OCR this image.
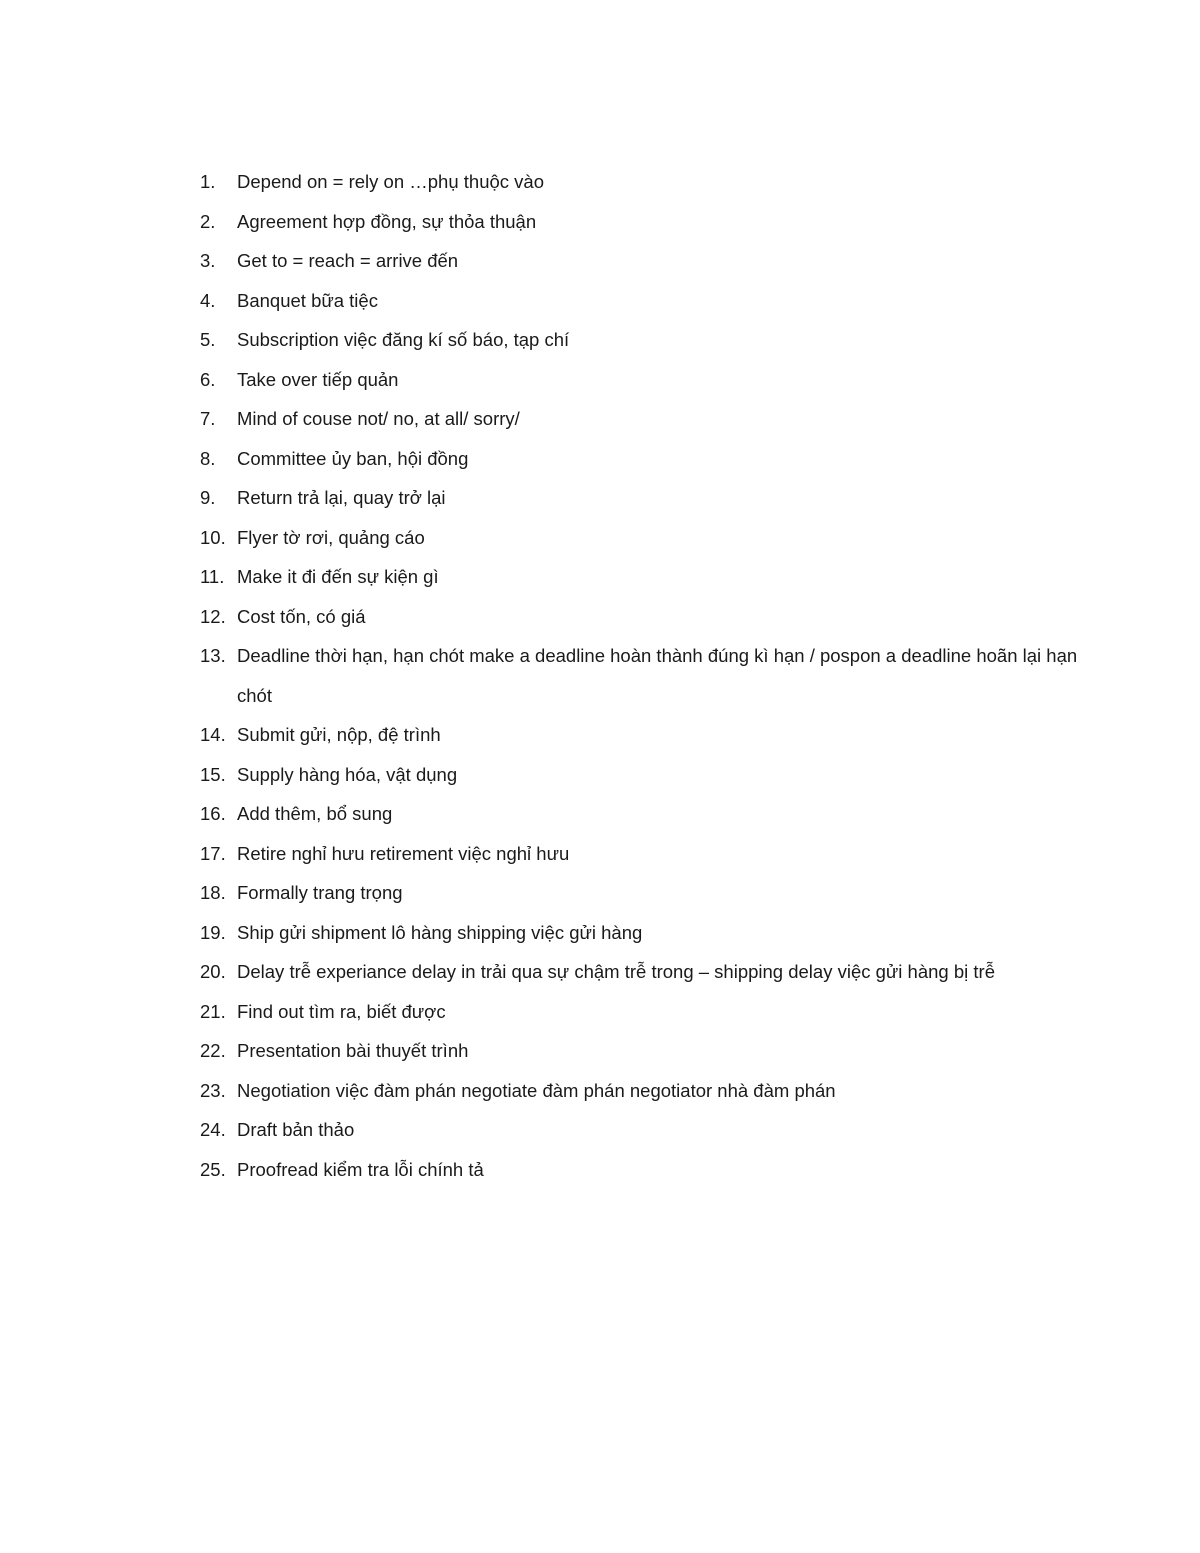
1.	Depend on = rely on …phụ thuộc vào
2.	Agreement hợp đồng, sự thỏa thuận
3.	Get to = reach = arrive đến
4.	Banquet bữa tiệc
5.	Subscription việc đăng kí số báo, tạp chí
6.	Take over tiếp quản
7.	Mind of couse not/ no, at all/ sorry/
8.	Committee ủy ban, hội đồng
9.	Return trả lại, quay trở lại
10. Flyer tờ rơi, quảng cáo
11. Make it đi đến sự kiện gì
12. Cost tốn, có giá
13. Deadline thời hạn, hạn chót make a deadline hoàn thành đúng kì hạn / pospon a deadline hoãn lại hạn chót
14. Submit gửi, nộp, đệ trình
15. Supply hàng hóa, vật dụng
16. Add thêm, bổ sung
17. Retire nghỉ hưu retirement việc nghỉ hưu
18. Formally trang trọng
19. Ship gửi shipment lô hàng shipping việc gửi hàng
20. Delay trễ experiance delay in trải qua sự chậm trễ trong – shipping delay việc gửi hàng bị trễ
21. Find out tìm ra, biết được
22. Presentation bài thuyết trình
23. Negotiation việc đàm phán negotiate đàm phán negotiator nhà đàm phán
24. Draft bản thảo
25. Proofread kiểm tra lỗi chính tả
